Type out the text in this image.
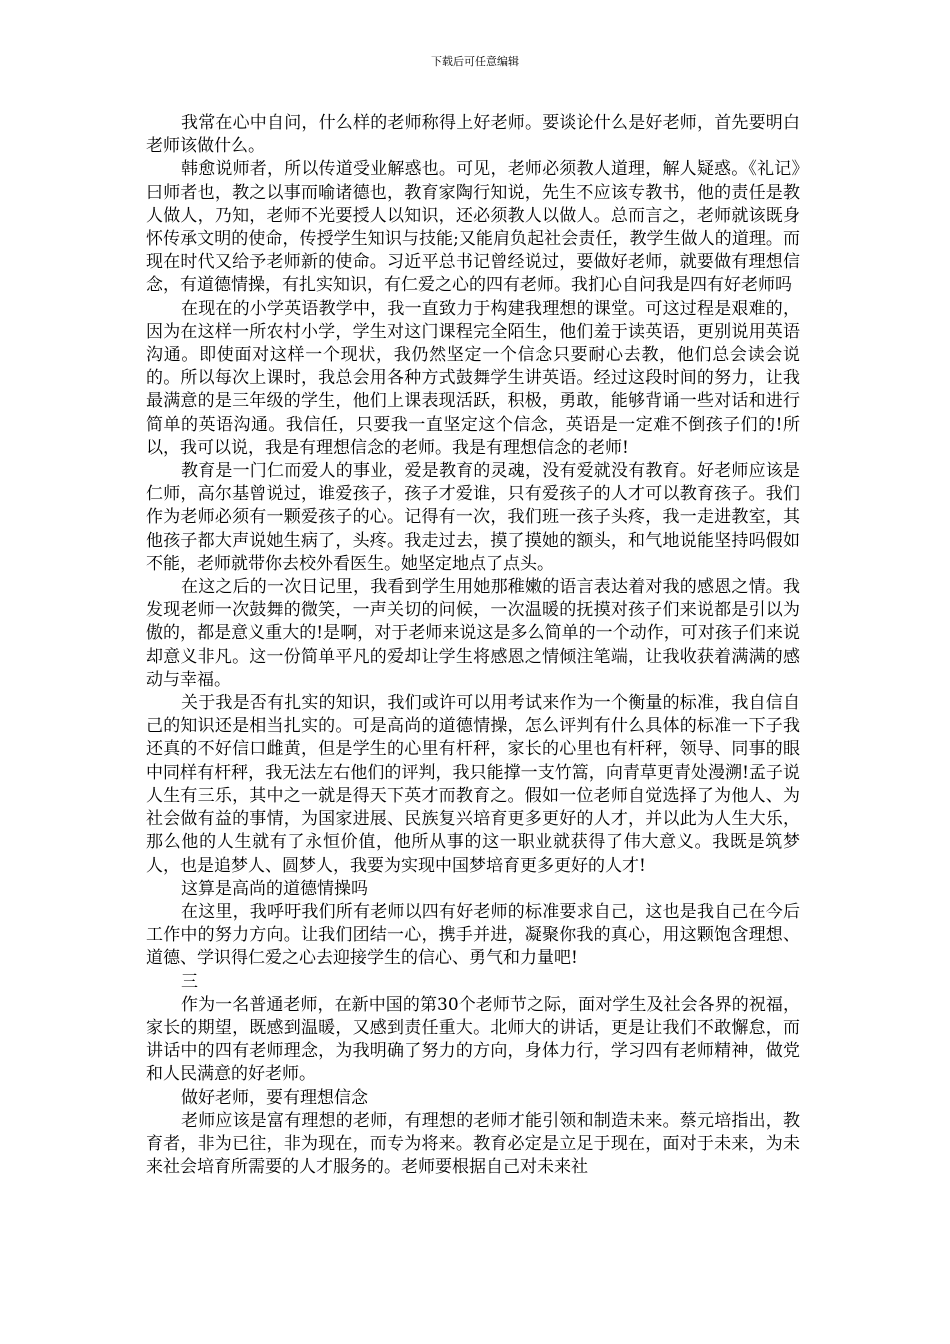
下载后可任意编辑

我常在心中自问，什么样的老师称得上好老师。要谈论什么是好老师，首先要明白老师该做什么。

韩愈说师者，所以传道受业解惑也。可见，老师必须教人道理，解人疑惑。《礼记》曰师者也，教之以事而喻诸德也，教育家陶行知说，先生不应该专教书，他的责任是教人做人，乃知，老师不光要授人以知识，还必须教人以做人。总而言之，老师就该既身怀传承文明的使命，传授学生知识与技能;又能肩负起社会责任，教学生做人的道理。而现在时代又给予老师新的使命。习近平总书记曾经说过，要做好老师，就要做有理想信念，有道德情操，有扎实知识，有仁爱之心的四有老师。我扪心自问我是四有好老师吗

在现在的小学英语教学中，我一直致力于构建我理想的课堂。可这过程是艰难的，因为在这样一所农村小学，学生对这门课程完全陌生，他们羞于读英语，更别说用英语沟通。即使面对这样一个现状，我仍然坚定一个信念只要耐心去教，他们总会读会说的。所以每次上课时，我总会用各种方式鼓舞学生讲英语。经过这段时间的努力，让我最满意的是三年级的学生，他们上课表现活跃，积极，勇敢，能够背诵一些对话和进行简单的英语沟通。我信任，只要我一直坚定这个信念，英语是一定难不倒孩子们的!所以，我可以说，我是有理想信念的老师。我是有理想信念的老师!

教育是一门仁而爱人的事业，爱是教育的灵魂，没有爱就没有教育。好老师应该是仁师，高尔基曾说过，谁爱孩子，孩子才爱谁，只有爱孩子的人才可以教育孩子。我们作为老师必须有一颗爱孩子的心。记得有一次，我们班一孩子头疼，我一走进教室，其他孩子都大声说她生病了，头疼。我走过去，摸了摸她的额头，和气地说能坚持吗假如不能，老师就带你去校外看医生。她坚定地点了点头。

在这之后的一次日记里，我看到学生用她那稚嫩的语言表达着对我的感恩之情。我发现老师一次鼓舞的微笑，一声关切的问候，一次温暖的抚摸对孩子们来说都是引以为傲的，都是意义重大的!是啊，对于老师来说这是多么简单的一个动作，可对孩子们来说却意义非凡。这一份简单平凡的爱却让学生将感恩之情倾注笔端，让我收获着满满的感动与幸福。

关于我是否有扎实的知识，我们或许可以用考试来作为一个衡量的标准，我自信自己的知识还是相当扎实的。可是高尚的道德情操，怎么评判有什么具体的标准一下子我还真的不好信口雌黄，但是学生的心里有杆秤，家长的心里也有杆秤，领导、同事的眼中同样有杆秤，我无法左右他们的评判，我只能撑一支竹篙，向青草更青处漫溯!孟子说人生有三乐，其中之一就是得天下英才而教育之。假如一位老师自觉选择了为他人、为社会做有益的事情，为国家进展、民族复兴培育更多更好的人才，并以此为人生大乐，那么他的人生就有了永恒价值，他所从事的这一职业就获得了伟大意义。我既是筑梦人，也是追梦人、圆梦人，我要为实现中国梦培育更多更好的人才!

这算是高尚的道德情操吗

在这里，我呼吁我们所有老师以四有好老师的标准要求自己，这也是我自己在今后工作中的努力方向。让我们团结一心，携手并进，凝聚你我的真心，用这颗饱含理想、道德、学识得仁爱之心去迎接学生的信心、勇气和力量吧!

三

作为一名普通老师，在新中国的第30个老师节之际，面对学生及社会各界的祝福，家长的期望，既感到温暖，又感到责任重大。北师大的讲话，更是让我们不敢懈怠，而讲话中的四有老师理念，为我明确了努力的方向，身体力行，学习四有老师精神，做党和人民满意的好老师。

做好老师，要有理想信念

老师应该是富有理想的老师，有理想的老师才能引领和制造未来。蔡元培指出，教育者，非为已往，非为现在，而专为将来。教育必定是立足于现在，面对于未来，为未来社会培育所需要的人才服务的。老师要根据自己对未来社
